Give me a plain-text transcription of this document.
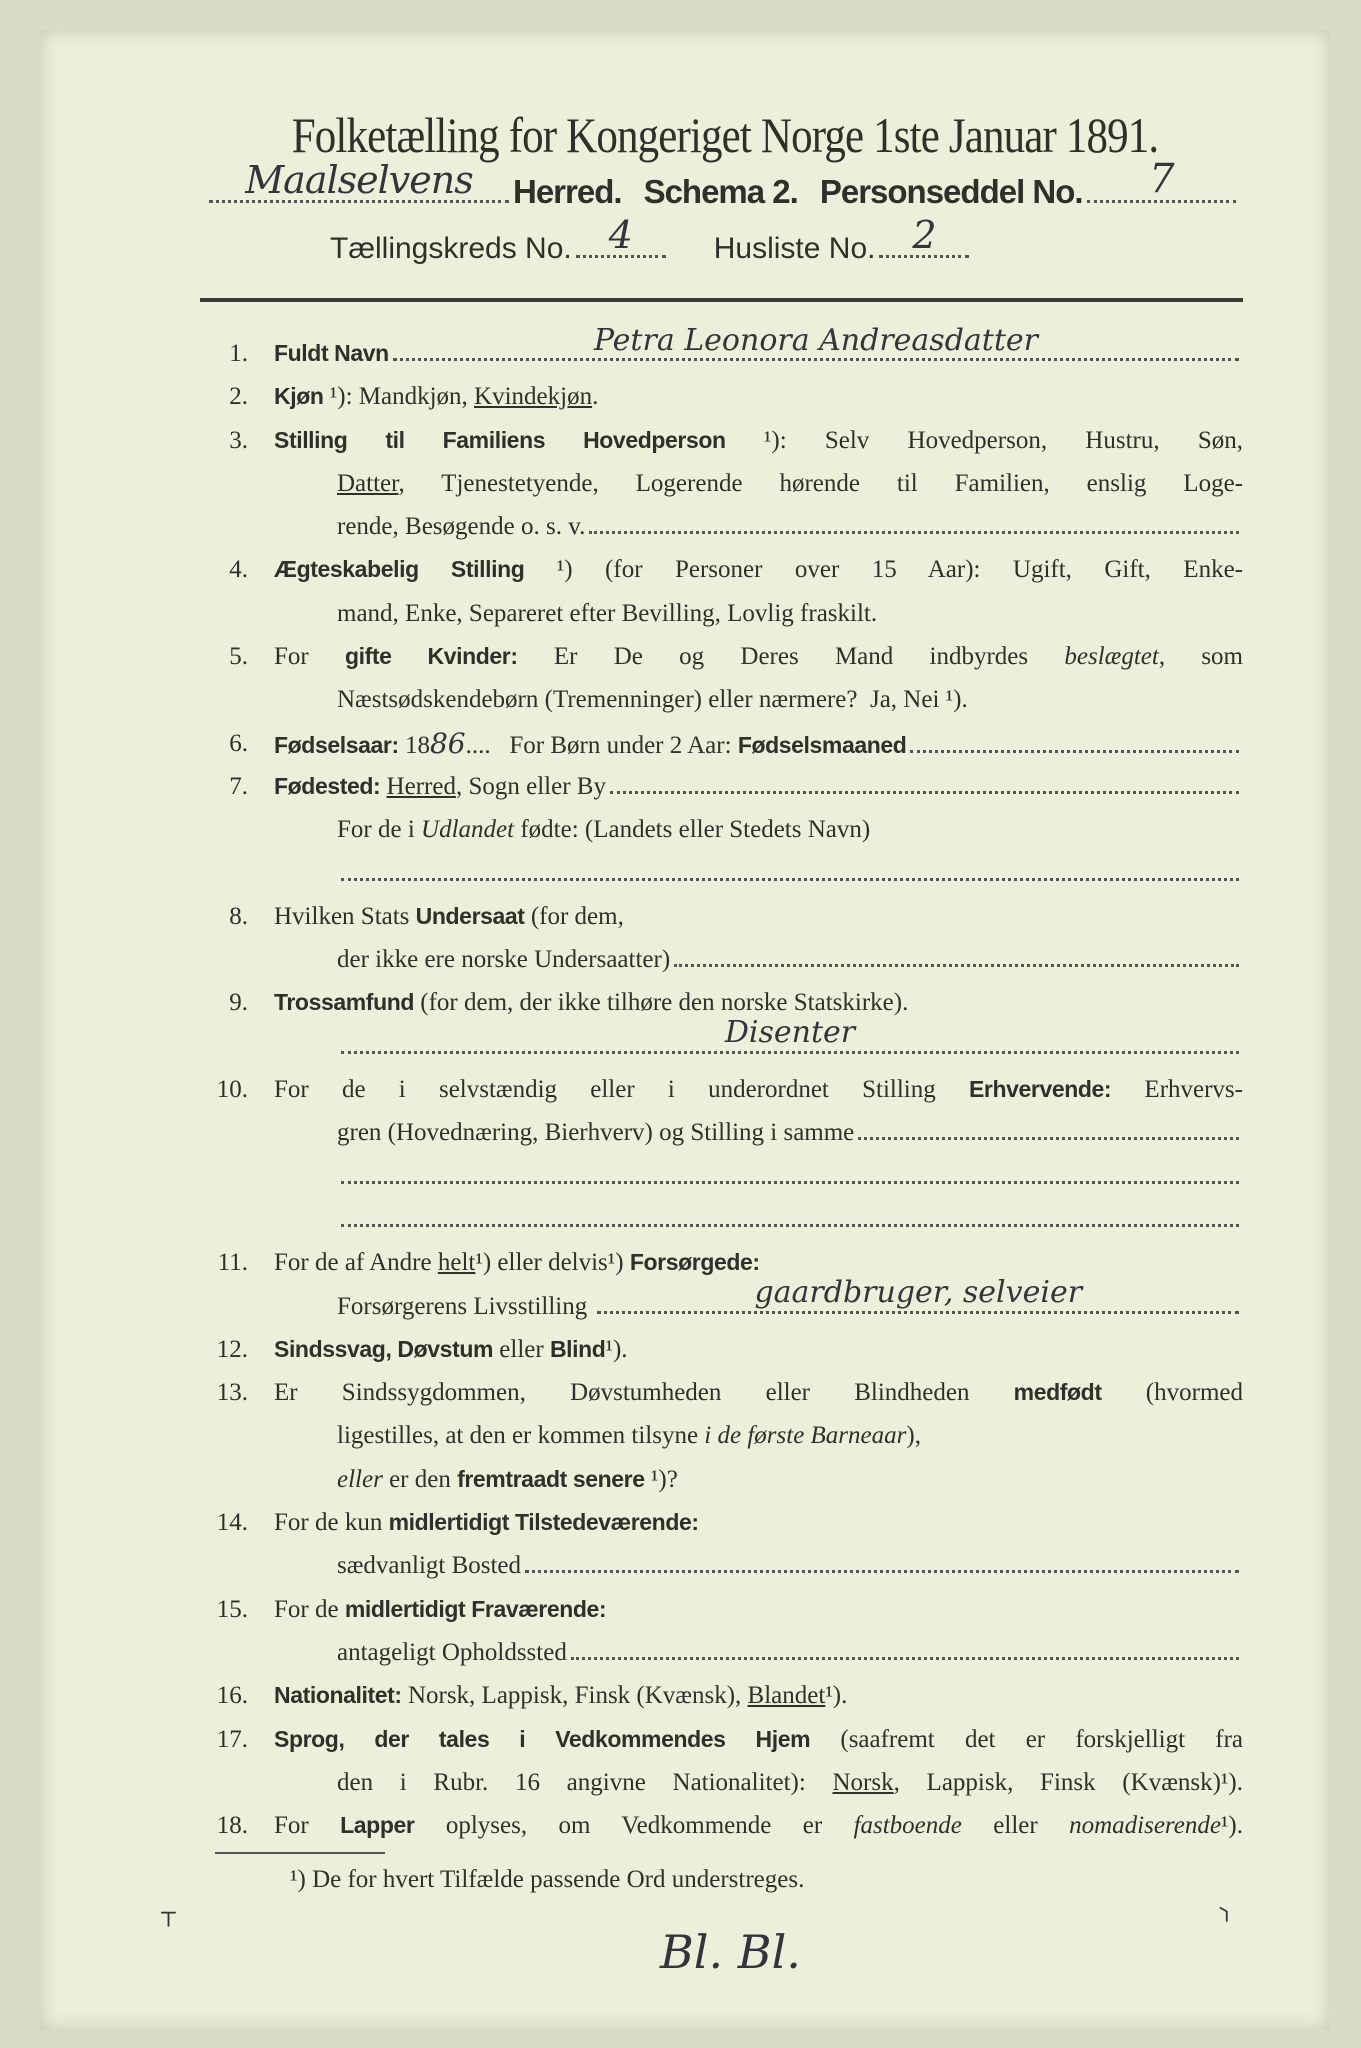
Folketælling for Kongeriget Norge 1ste Januar 1891.
Maalselvens	Herred. Schema 2. Personseddel No.	7
Tællingskreds No. 4	Husliste No. 2
1. Fuldt Navn	Petra Leonora Andreasdatter
2. Kjøn ¹): Mandkjøn, Kvindekjøn .
3. Stilling til Familiens Hovedperson ¹): Selv Hovedperson, Hustru, Søn,
Datter, Tjenestetyende, Logerende hørende til Familien, enslig Loge-
rende, Besøgende o. s. v.
4. Ægteskabelig Stilling ¹) (for Personer over 15 Aar): Ugift, Gift, Enke-
mand, Enke, Separeret efter Bevilling, Lovlig fraskilt.
5. For gifte Kvinder: Er De og Deres Mand indbyrdes beslægtet, som
Næstsødskendebørn (Tremenninger) eller nærmere?  Ja, Nei ¹).
6. Fødselsaar: 18 86 ....   For Børn under 2 Aar: Fødselsmaaned
7. Fødested:
Herred , Sogn eller By
For de i Udlandet fødte: (Landets eller Stedets Navn)
8. Hvilken Stats Undersaat (for dem,
der ikke ere norske Undersaatter)
9. Trossamfund (for dem, der ikke tilhøre den norske Statskirke).
Disenter
10. For de i selvstændig eller i underordnet Stilling Erhvervende: Erhvervs-
gren (Hovednæring, Bierhverv) og Stilling i samme
11. For de af Andre helt ¹) eller delvis¹) Forsørgede:
Forsørgerens Livsstilling	gaardbruger, selveier
12. Sindssvag, Døvstum eller Blind ¹).
13. Er Sindssygdommen, Døvstumheden eller Blindheden medfødt (hvormed
ligestilles, at den er kommen tilsyne i de første Barneaar ),
eller er den fremtraadt senere ¹)?
14. For de kun midlertidigt Tilstedeværende:
sædvanligt Bosted
15. For de midlertidigt Fraværende:
antageligt Opholdssted
16. Nationalitet: Norsk, Lappisk, Finsk (Kvænsk), Blandet ¹).
17. Sprog, der tales i Vedkommendes Hjem (saafremt det er forskjelligt fra
den i Rubr. 16 angivne Nationalitet): Norsk, Lappisk, Finsk (Kvænsk)¹).
18. For Lapper oplyses, om Vedkommende er fastboende eller nomadiserende¹).
¹) De for hvert Tilfælde passende Ord understreges.
Bl. Bl.
⸆	⸃
